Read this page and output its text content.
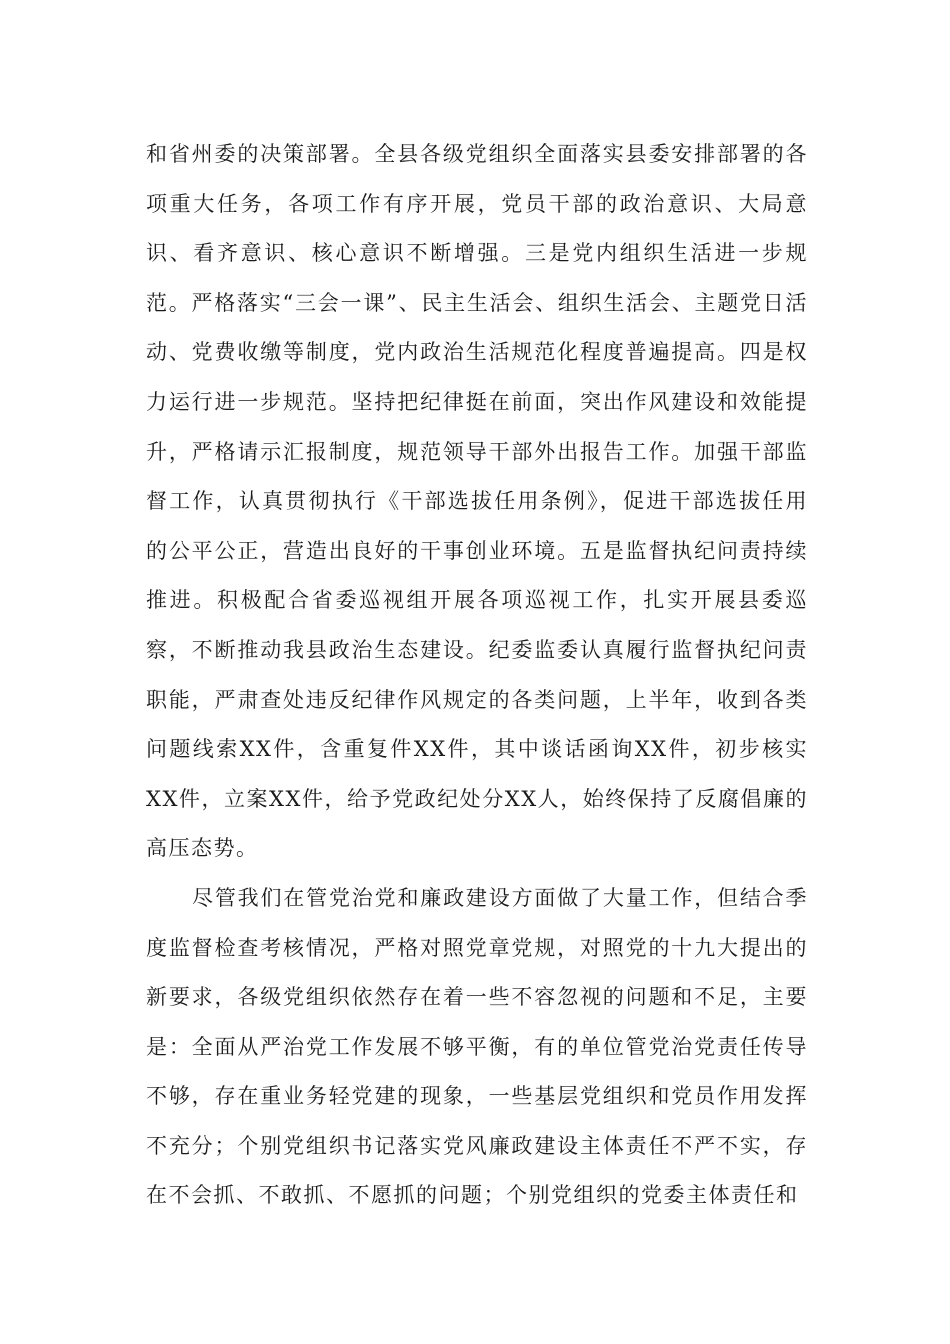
和省州委的决策部署。全县各级党组织全面落实县委安排部署的各项重大任务，各项工作有序开展，党员干部的政治意识、大局意识、看齐意识、核心意识不断增强。三是党内组织生活进一步规范。严格落实“三会一课”、民主生活会、组织生活会、主题党日活动、党费收缴等制度，党内政治生活规范化程度普遍提高。四是权力运行进一步规范。坚持把纪律挺在前面，突出作风建设和效能提升，严格请示汇报制度，规范领导干部外出报告工作。加强干部监督工作，认真贯彻执行《干部选拔任用条例》，促进干部选拔任用的公平公正，营造出良好的干事创业环境。五是监督执纪问责持续推进。积极配合省委巡视组开展各项巡视工作，扎实开展县委巡察，不断推动我县政治生态建设。纪委监委认真履行监督执纪问责职能，严肃查处违反纪律作风规定的各类问题，上半年，收到各类问题线索XX件，含重复件XX件，其中谈话函询XX件，初步核实XX件，立案XX件，给予党政纪处分XX人，始终保持了反腐倡廉的高压态势。

尽管我们在管党治党和廉政建设方面做了大量工作，但结合季度监督检查考核情况，严格对照党章党规，对照党的十九大提出的新要求，各级党组织依然存在着一些不容忽视的问题和不足，主要是：全面从严治党工作发展不够平衡，有的单位管党治党责任传导不够，存在重业务轻党建的现象，一些基层党组织和党员作用发挥不充分；个别党组织书记落实党风廉政建设主体责任不严不实，存在不会抓、不敢抓、不愿抓的问题；个别党组织的党委主体责任和
